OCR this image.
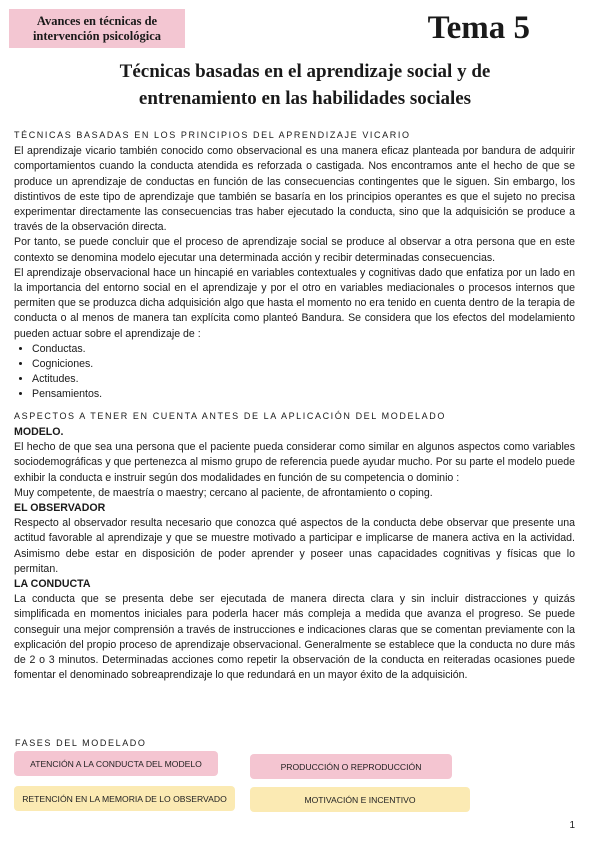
Avances en técnicas de intervención psicológica	Tema 5
Técnicas basadas en el aprendizaje social y de entrenamiento en las habilidades sociales
TÉCNICAS BASADAS EN LOS PRINCIPIOS DEL APRENDIZAJE VICARIO

El aprendizaje vicario también conocido como observacional es una manera eficaz planteada por bandura de adquirir comportamientos cuando la conducta atendida es reforzada o castigada. Nos encontramos ante el hecho de que se produce un aprendizaje de conductas en función de las consecuencias contingentes que le siguen. Sin embargo, los distintivos de este tipo de aprendizaje que también se basaría en los principios operantes es que el sujeto no precisa experimentar directamente las consecuencias tras haber ejecutado la conducta, sino que la adquisición se produce a través de la observación directa.

Por tanto, se puede concluir que el proceso de aprendizaje social se produce al observar a otra persona que en este contexto se denomina modelo ejecutar una determinada acción y recibir determinadas consecuencias.

El aprendizaje observacional hace un hincapié en variables contextuales y cognitivas dado que enfatiza por un lado en la importancia del entorno social en el aprendizaje y por el otro en variables mediacionales o procesos internos que permiten que se produzca dicha adquisición algo que hasta el momento no era tenido en cuenta dentro de la terapia de conducta o al menos de manera tan explícita como planteó Bandura. Se considera que los efectos del modelamiento pueden actuar sobre el aprendizaje de :

• Conductas.
• Cogniciones.
• Actitudes.
• Pensamientos.
ASPECTOS A TENER EN CUENTA ANTES DE LA APLICACIÓN DEL MODELADO
MODELO.

El hecho de que sea una persona que el paciente pueda considerar como similar en algunos aspectos como variables sociodemográficas y que pertenezca al mismo grupo de referencia puede ayudar mucho. Por su parte el modelo puede exhibir la conducta e instruir según dos modalidades en función de su competencia o dominio :

Muy competente, de maestría o maestry; cercano al paciente, de afrontamiento o coping.

EL OBSERVADOR

Respecto al observador resulta necesario que conozca qué aspectos de la conducta debe observar que presente una actitud favorable al aprendizaje y que se muestre motivado a participar e implicarse de manera activa en la actividad. Asimismo debe estar en disposición de poder aprender y poseer unas capacidades cognitivas y físicas que lo permitan.

LA CONDUCTA

La conducta que se presenta debe ser ejecutada de manera directa clara y sin incluir distracciones y quizás simplificada en momentos iniciales para poderla hacer más compleja a medida que avanza el progreso. Se puede conseguir una mejor comprensión a través de instrucciones e indicaciones claras que se comentan previamente con la explicación del propio proceso de aprendizaje observacional. Generalmente se establece que la conducta no dure más de 2 o 3 minutos. Determinadas acciones como repetir la observación de la conducta en reiteradas ocasiones puede fomentar el denominado sobreaprendizaje lo que redundará en un mayor éxito de la adquisición.

FASES DEL MODELADO
ATENCIÓN A LA CONDUCTA DEL MODELO	PRODUCCIÓN O REPRODUCCIÓN
RETENCIÓN EN LA MEMORIA DE LO OBSERVADO	MOTIVACIÓN E INCENTIVO
1
